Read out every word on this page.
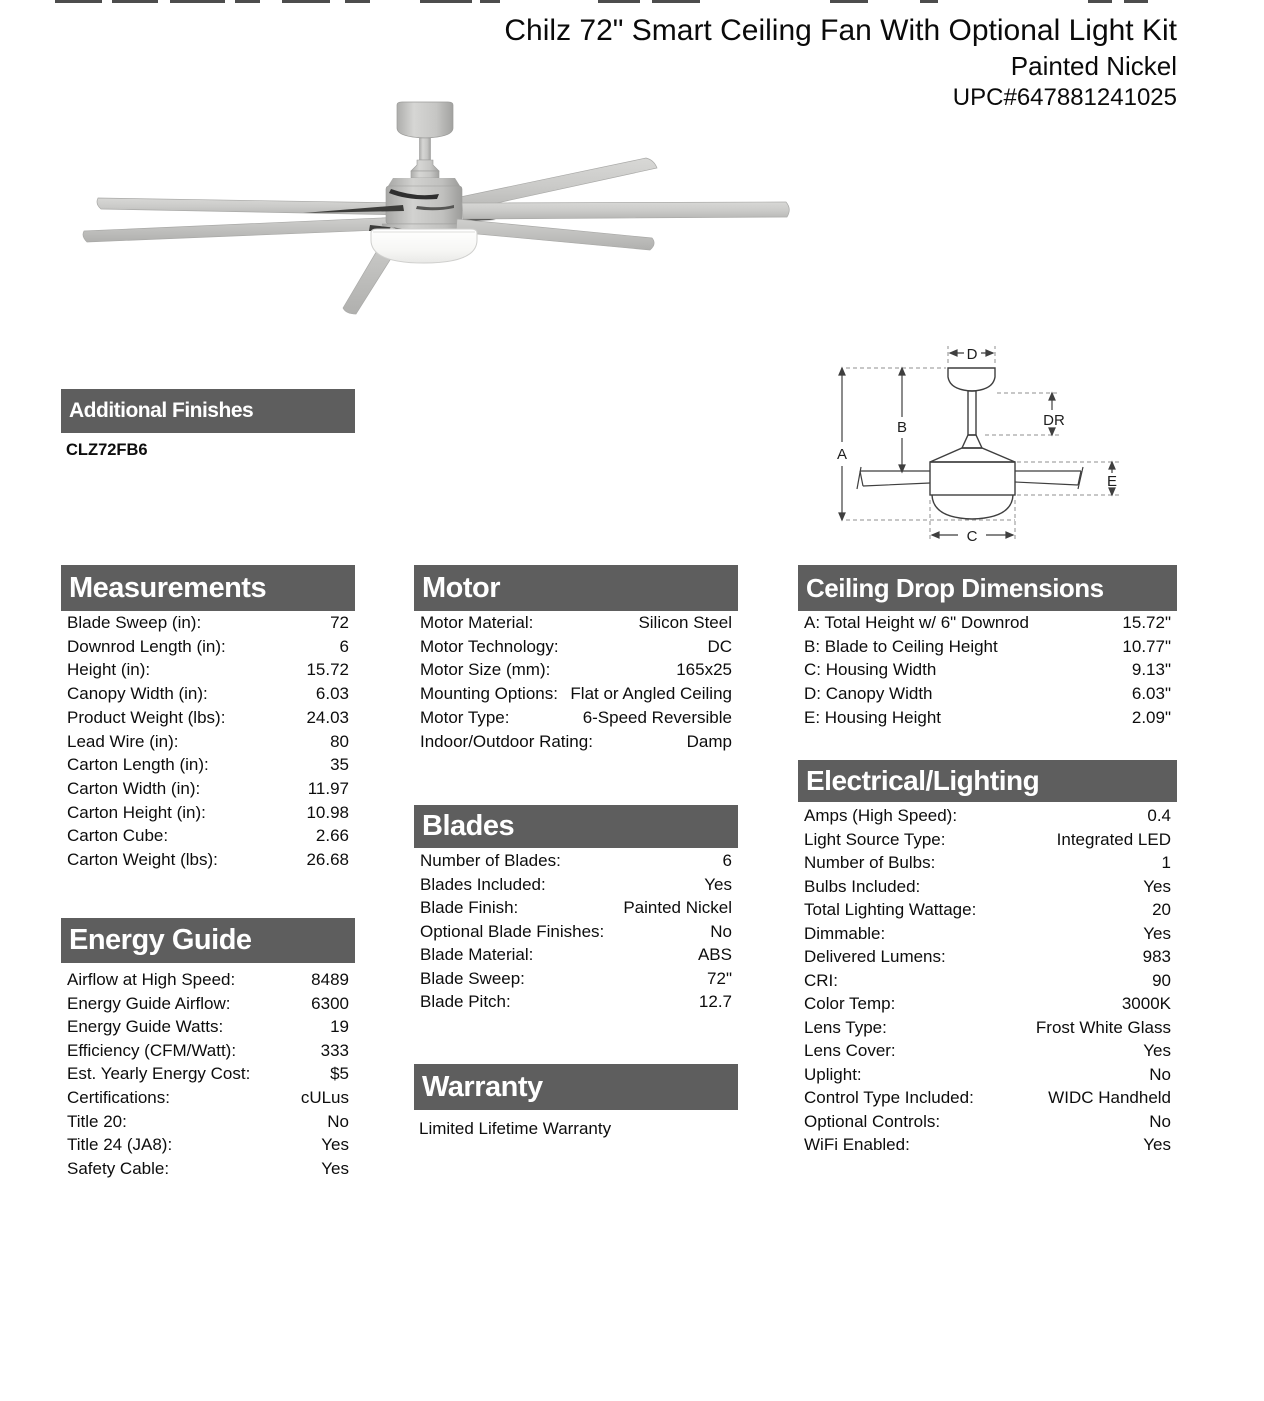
Chilz 72" Smart Ceiling Fan With Optional Light Kit
Painted Nickel
UPC#647881241025
D
A
B	DR
C
E
Additional Finishes
CLZ72FB6
Measurements
Blade Sweep (in):	72
Downrod Length (in):	6
Height (in):	15.72
Canopy Width (in):	6.03
Product Weight (lbs):	24.03
Lead Wire (in):	80
Carton Length (in):	35
Carton Width (in):	11.97
Carton Height (in):	10.98
Carton Cube:	2.66
Carton Weight (lbs):	26.68
Energy Guide
Airflow at High Speed:	8489
Energy Guide Airflow:	6300
Energy Guide Watts:	19
Efficiency (CFM/Watt):	333
Est. Yearly Energy Cost:	$5
Certifications:	cULus
Title 20:	No
Title 24 (JA8):	Yes
Safety Cable:	Yes
Motor
Motor Material:	Silicon Steel
Motor Technology:	DC
Motor Size (mm):	165x25
Mounting Options: Flat or Angled Ceiling
Motor Type:	6-Speed Reversible
Indoor/Outdoor Rating:	Damp
Blades
Number of Blades:	6
Blades Included:	Yes
Blade Finish:	Painted Nickel
Optional Blade Finishes:	No
Blade Material:	ABS
Blade Sweep:	72"
Blade Pitch:	12.7
Warranty
Limited Lifetime Warranty
Ceiling Drop Dimensions
A: Total Height w/ 6" Downrod	15.72"
B: Blade to Ceiling Height	10.77"
C: Housing Width	9.13"
D: Canopy Width	6.03"
E: Housing Height	2.09"
Electrical/Lighting
Amps (High Speed):	0.4
Light Source Type:	Integrated LED
Number of Bulbs:	1
Bulbs Included:	Yes
Total Lighting Wattage:	20
Dimmable:	Yes
Delivered Lumens:	983
CRI:	90
Color Temp:	3000K
Lens Type:	Frost White Glass
Lens Cover:	Yes
Uplight:	No
Control Type Included:	WIDC Handheld
Optional Controls:	No
WiFi Enabled:	Yes
